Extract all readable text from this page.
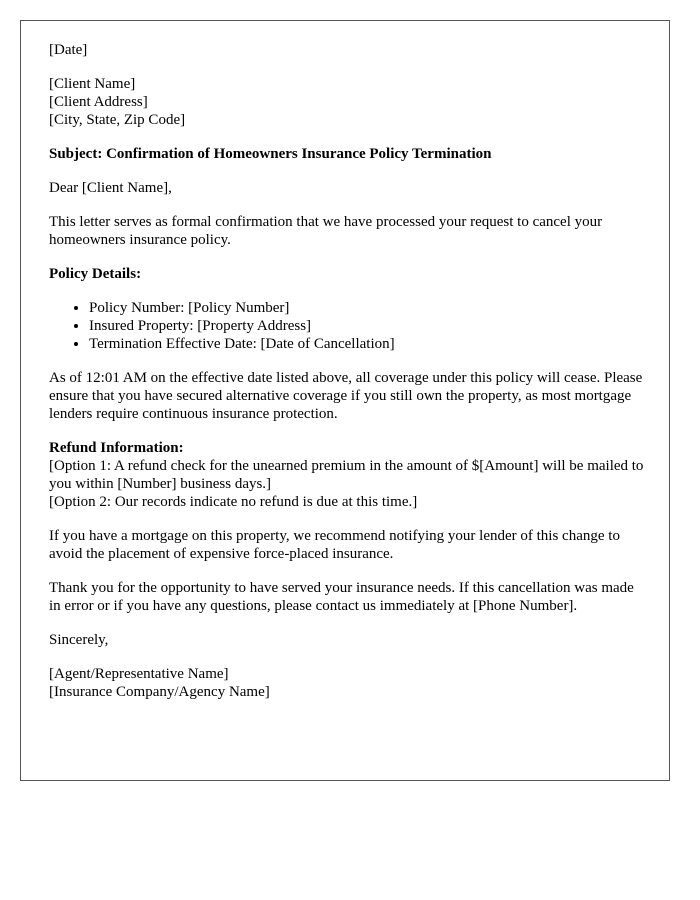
[Date]

[Client Name]
[Client Address]
[City, State, Zip Code]

Subject: Confirmation of Homeowners Insurance Policy Termination

Dear [Client Name],

This letter serves as formal confirmation that we have processed your request to cancel your homeowners insurance policy.

Policy Details:

• Policy Number: [Policy Number]
• Insured Property: [Property Address]
• Termination Effective Date: [Date of Cancellation]

As of 12:01 AM on the effective date listed above, all coverage under this policy will cease. Please ensure that you have secured alternative coverage if you still own the property, as most mortgage lenders require continuous insurance protection.

Refund Information:
[Option 1: A refund check for the unearned premium in the amount of $[Amount] will be mailed to you within [Number] business days.]
[Option 2: Our records indicate no refund is due at this time.]

If you have a mortgage on this property, we recommend notifying your lender of this change to avoid the placement of expensive force-placed insurance.

Thank you for the opportunity to have served your insurance needs. If this cancellation was made in error or if you have any questions, please contact us immediately at [Phone Number].

Sincerely,

[Agent/Representative Name]
[Insurance Company/Agency Name]
